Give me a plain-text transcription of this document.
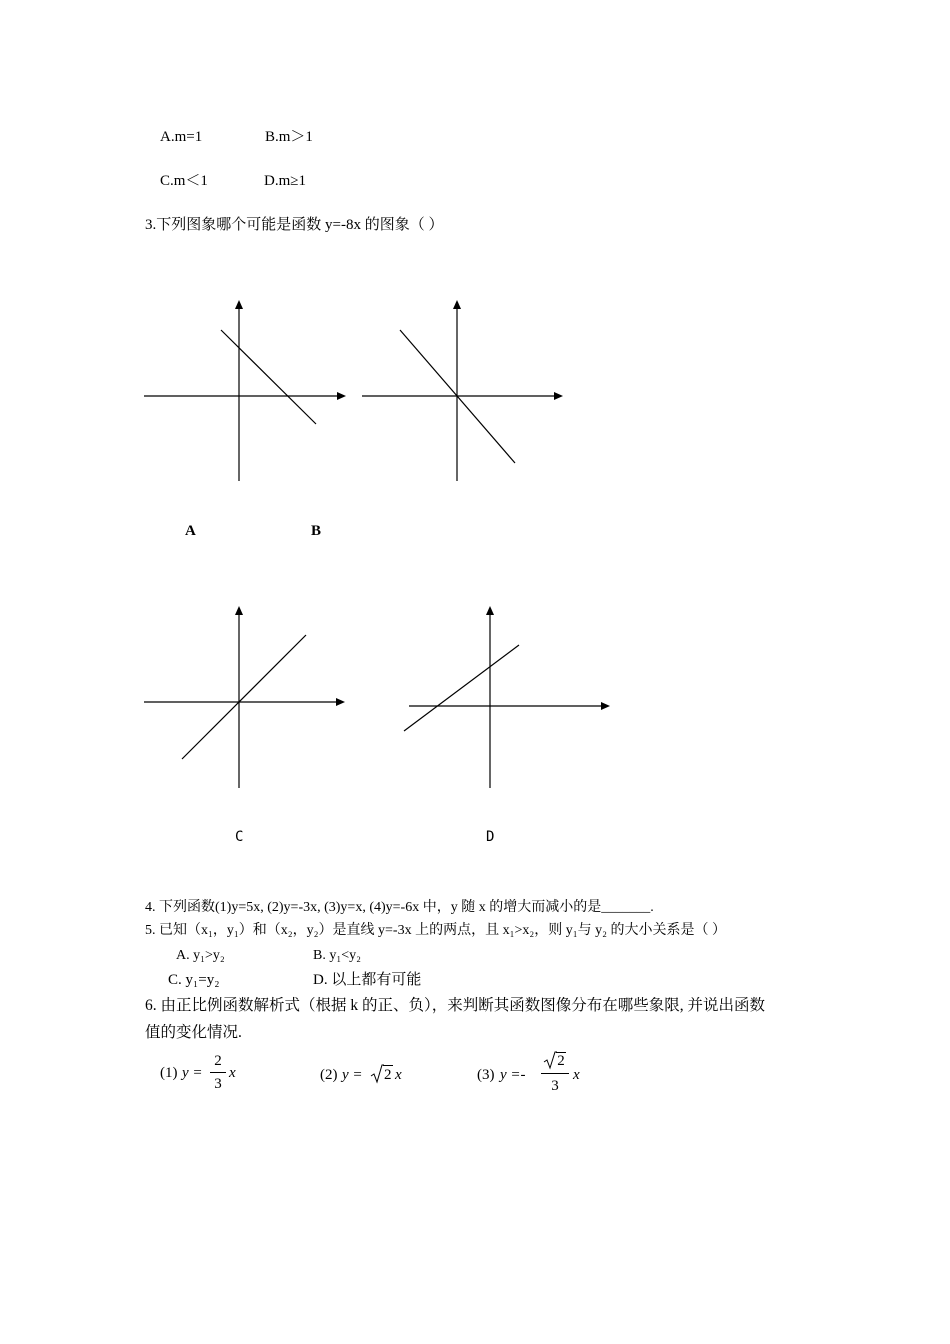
A.m=1	B.m＞1
C.m＜1	D.m≥1
3.下列图象哪个可能是函数 y=-8x 的图象（ ）
A	B
C	D
4. 下列函数(1)y=5x, (2)y=-3x, (3)y=x, (4)y=-6x 中，y 随 x 的增大而减小的是_______.
5. 已知（x₁，y₁）和（x₂，y₂）是直线 y=-3x 上的两点，且 x₁>x₂，则 y₁与 y₂ 的大小关系是（ ）
A. y₁>y₂	B. y₁<y₂
C. y₁=y₂	D. 以上都有可能
6. 由正比例函数解析式（根据 k 的正、负），来判断其函数图像分布在哪些象限, 并说出函数
值的变化情况.
(1) y =
2
3
x	(2) y = 2 x	(3) y =-
2
3
x
